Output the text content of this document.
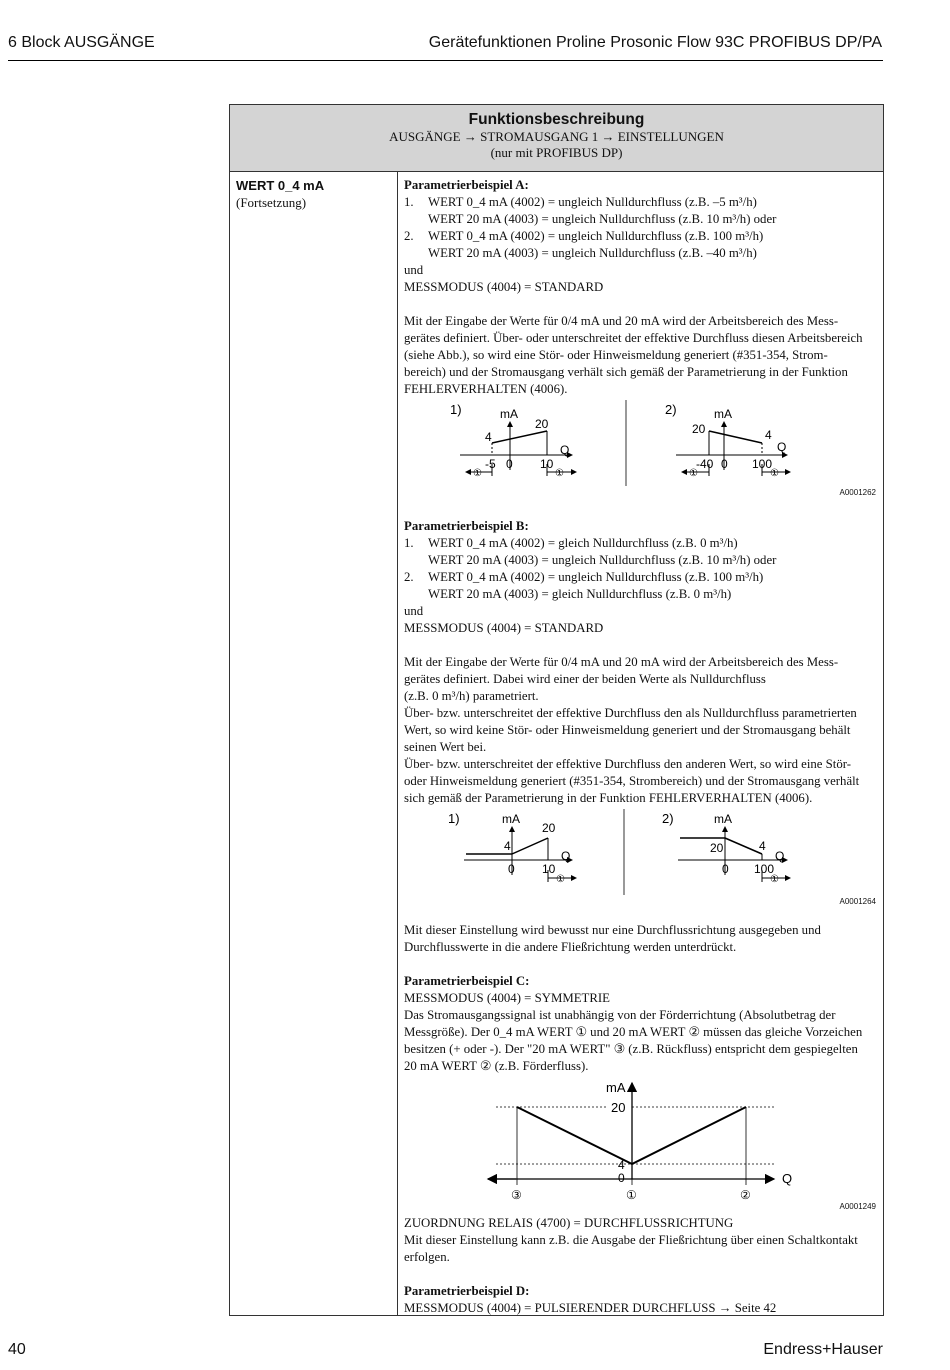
6 Block AUSGÄNGE	Gerätefunktionen Proline Prosonic Flow 93C PROFIBUS DP/PA
Funktionsbeschreibung
AUSGÄNGE → STROMAUSGANG 1 → EINSTELLUNGEN
(nur mit PROFIBUS DP)
WERT 0_4 mA
(Fortsetzung)
Parametrierbeispiel A:
1. WERT 0_4 mA (4002) = ungleich Nulldurchfluss (z.B. –5 m³/h)
WERT 20 mA (4003) = ungleich Nulldurchfluss (z.B. 10 m³/h) oder
2. WERT 0_4 mA (4002) = ungleich Nulldurchfluss (z.B. 100 m³/h)
WERT 20 mA (4003) = ungleich Nulldurchfluss (z.B. –40 m³/h)
und
MESSMODUS (4004) = STANDARD
Mit der Eingabe der Werte für 0/4 mA und 20 mA wird der Arbeitsbereich des Mess-
gerätes definiert. Über- oder unterschreitet der effektive Durchfluss diesen Arbeitsbereich
(siehe Abb.), so wird eine Stör- oder Hinweismeldung generiert (#351-354, Strom-
bereich) und der Stromausgang verhält sich gemäß der Parametrierung in der Funktion
FEHLERVERHALTEN (4006).
1)	mA
4
20
Q
-5 0 10
①	①
2)	mA
20	4
Q
-40 0 100
①	①
A0001262
Parametrierbeispiel B:
1. WERT 0_4 mA (4002) = gleich Nulldurchfluss (z.B. 0 m³/h)
WERT 20 mA (4003) = ungleich Nulldurchfluss (z.B. 10 m³/h) oder
2. WERT 0_4 mA (4002) = ungleich Nulldurchfluss (z.B. 100 m³/h)
WERT 20 mA (4003) = gleich Nulldurchfluss (z.B. 0 m³/h)
und
MESSMODUS (4004) = STANDARD
Mit der Eingabe der Werte für 0/4 mA und 20 mA wird der Arbeitsbereich des Mess-
gerätes definiert. Dabei wird einer der beiden Werte als Nulldurchfluss
(z.B. 0 m³/h) parametriert.
Über- bzw. unterschreitet der effektive Durchfluss den als Nulldurchfluss parametrierten
Wert, so wird keine Stör- oder Hinweismeldung generiert und der Stromausgang behält
seinen Wert bei.
Über- bzw. unterschreitet der effektive Durchfluss den anderen Wert, so wird eine Stör-
oder Hinweismeldung generiert (#351-354, Strombereich) und der Stromausgang verhält
sich gemäß der Parametrierung in der Funktion FEHLERVERHALTEN (4006).
1)	mA
4
20
Q
0 10
①
2)	mA
20	4
Q
0 100
①
A0001264
Mit dieser Einstellung wird bewusst nur eine Durchflussrichtung ausgegeben und
Durchflusswerte in die andere Fließrichtung werden unterdrückt.
Parametrierbeispiel C:
MESSMODUS (4004) = SYMMETRIE
Das Stromausgangssignal ist unabhängig von der Förderrichtung (Absolutbetrag der
Messgröße). Der 0_4 mA WERT ① und 20 mA WERT ② müssen das gleiche Vorzeichen
besitzen (+ oder -). Der "20 mA WERT" ③ (z.B. Rückfluss) entspricht dem gespiegelten
20 mA WERT ② (z.B. Förderfluss).
mA
20
4
0	Q
③	①	②
A0001249
ZUORDNUNG RELAIS (4700) = DURCHFLUSSRICHTUNG
Mit dieser Einstellung kann z.B. die Ausgabe der Fließrichtung über einen Schaltkontakt
erfolgen.
Parametrierbeispiel D:
MESSMODUS (4004) = PULSIERENDER DURCHFLUSS → Seite 42
40	Endress+Hauser
